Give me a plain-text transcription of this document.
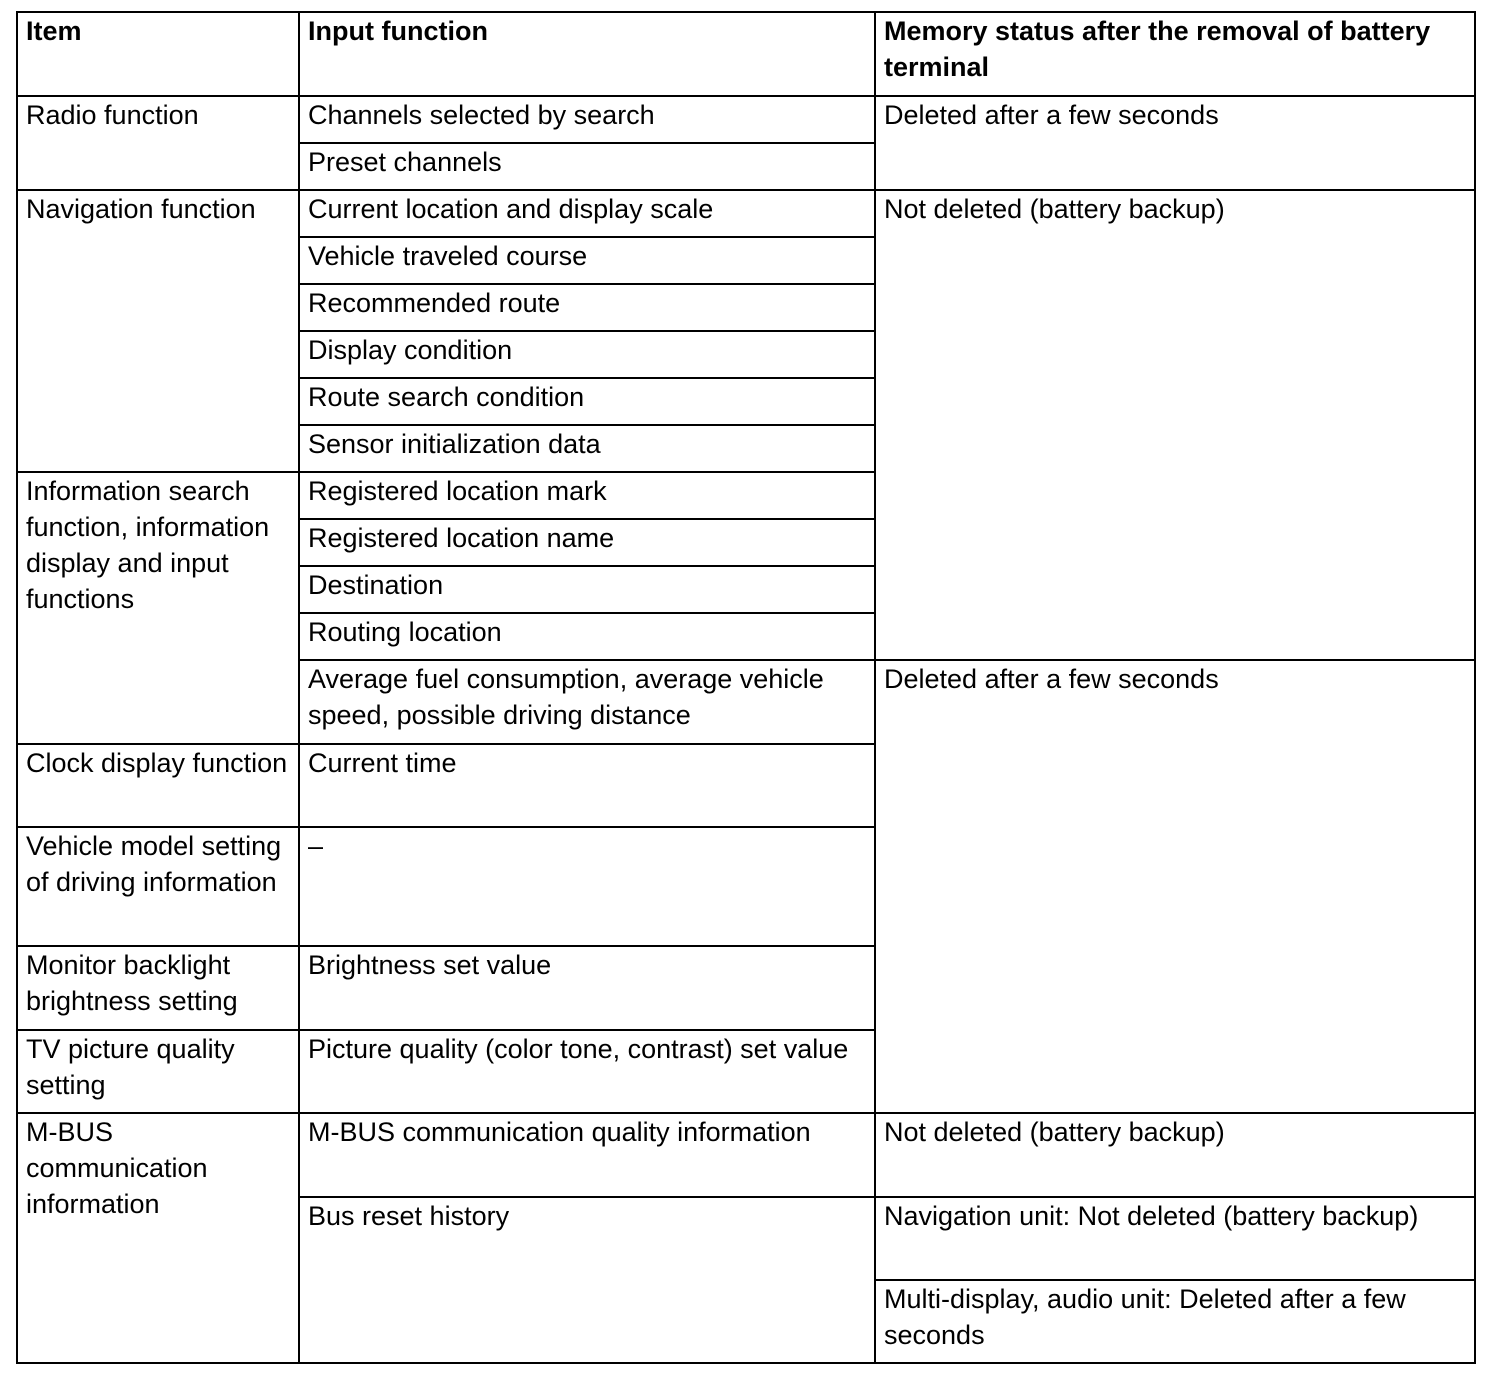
Item	Input function	Memory status after the removal of battery terminal
Radio function	Channels selected by search	Deleted after a few seconds
	Preset channels	
Navigation function	Current location and display scale	Not deleted (battery backup)
	Vehicle traveled course	
	Recommended route	
	Display condition	
	Route search condition	
	Sensor initialization data	
Information search function, information display and input functions	Registered location mark	
	Registered location name	
	Destination	
	Routing location	
	Average fuel consumption, average vehicle speed, possible driving distance	Deleted after a few seconds
Clock display function	Current time	
Vehicle model setting of driving information	–	
Monitor backlight brightness setting	Brightness set value	
TV picture quality setting	Picture quality (color tone, contrast) set value	
M-BUS communication information	M-BUS communication quality information	Not deleted (battery backup)
	Bus reset history	Navigation unit: Not deleted (battery backup)
		Multi-display, audio unit: Deleted after a few seconds
